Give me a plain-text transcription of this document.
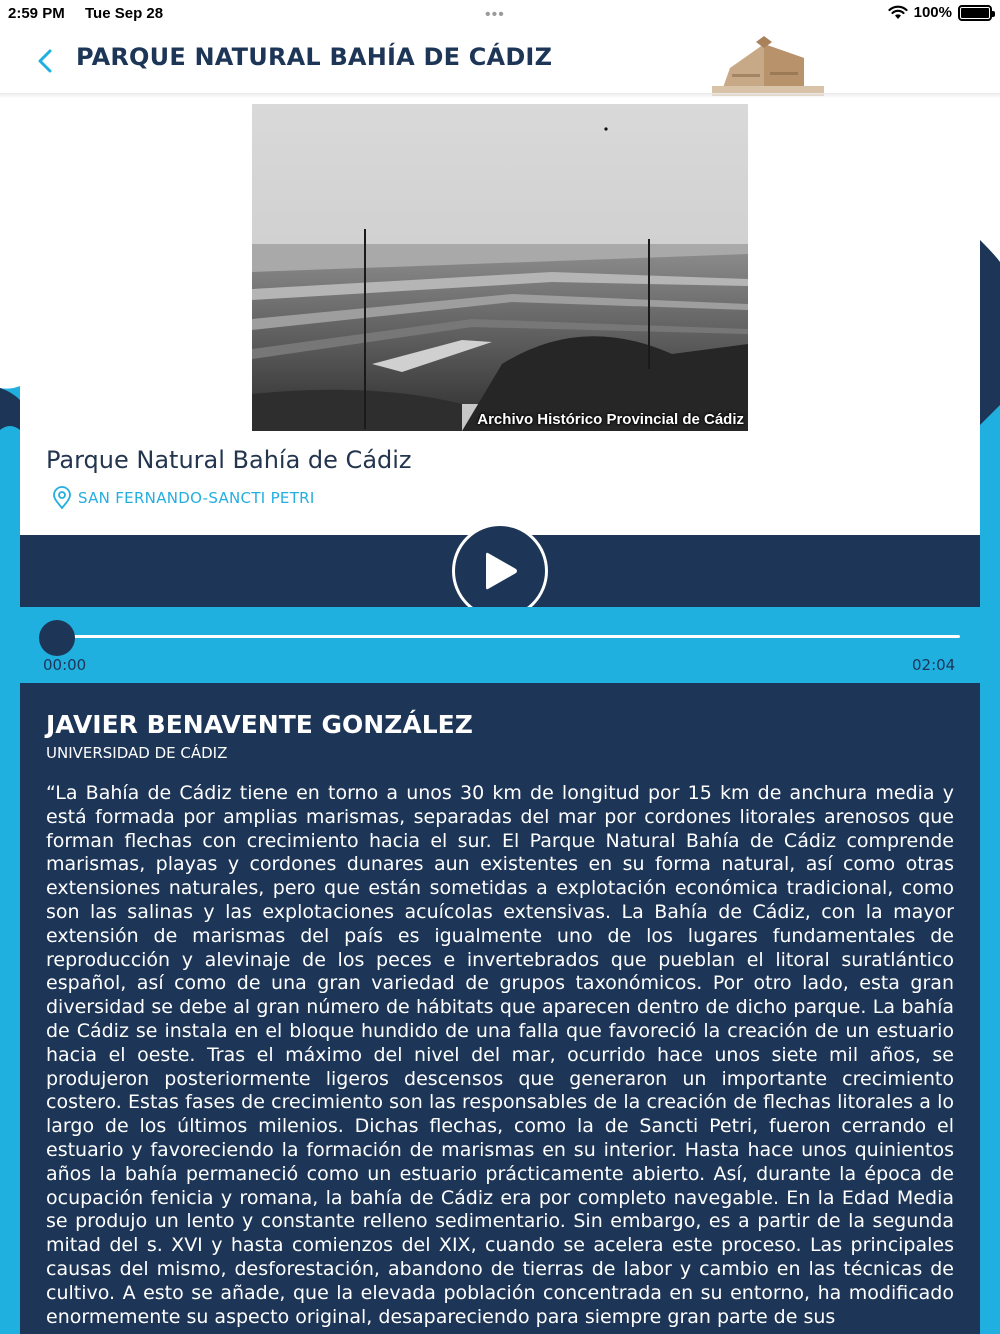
2:59 PM Tue Sep 28	•••	100%
PARQUE NATURAL BAHÍA DE CÁDIZ
Archivo Histórico Provincial de Cádiz
Parque Natural Bahía de Cádiz
SAN FERNANDO-SANCTI PETRI
00:00	02:04
JAVIER BENAVENTE GONZÁLEZ
UNIVERSIDAD DE CÁDIZ
“La Bahía de Cádiz tiene en torno a unos 30 km de longitud por 15 km de anchura media y está formada por amplias marismas, separadas del mar por cordones litorales arenosos que forman flechas con crecimiento hacia el sur. El Parque Natural Bahía de Cádiz comprende marismas, playas y cordones dunares aun existentes en su forma natural, así como otras extensiones naturales, pero que están sometidas a explotación económica tradicional, como son las salinas y las explotaciones acuícolas extensivas. La Bahía de Cádiz, con la mayor extensión de marismas del país es igualmente uno de los lugares fundamentales de reproducción y alevinaje de los peces e invertebrados que pueblan el litoral suratlántico español, así como de una gran variedad de grupos taxonómicos. Por otro lado, esta gran diversidad se debe al gran número de hábitats que aparecen dentro de dicho parque. La bahía de Cádiz se instala en el bloque hundido de una falla que favoreció la creación de un estuario hacia el oeste. Tras el máximo del nivel del mar, ocurrido hace unos siete mil años, se produjeron posteriormente ligeros descensos que generaron un importante crecimiento costero. Estas fases de crecimiento son las responsables de la creación de flechas litorales a lo largo de los últimos milenios. Dichas flechas, como la de Sancti Petri, fueron cerrando el estuario y favoreciendo la formación de marismas en su interior. Hasta hace unos quinientos años la bahía permaneció como un estuario prácticamente abierto. Así, durante la época de ocupación fenicia y romana, la bahía de Cádiz era por completo navegable. En la Edad Media se produjo un lento y constante relleno sedimentario. Sin embargo, es a partir de la segunda mitad del s. XVI y hasta comienzos del XIX, cuando se acelera este proceso. Las principales causas del mismo, desforestación, abandono de tierras de labor y cambio en las técnicas de cultivo. A esto se añade, que la elevada población concentrada en su entorno, ha modificado enormemente su aspecto original, desapareciendo para siempre gran parte de sus
